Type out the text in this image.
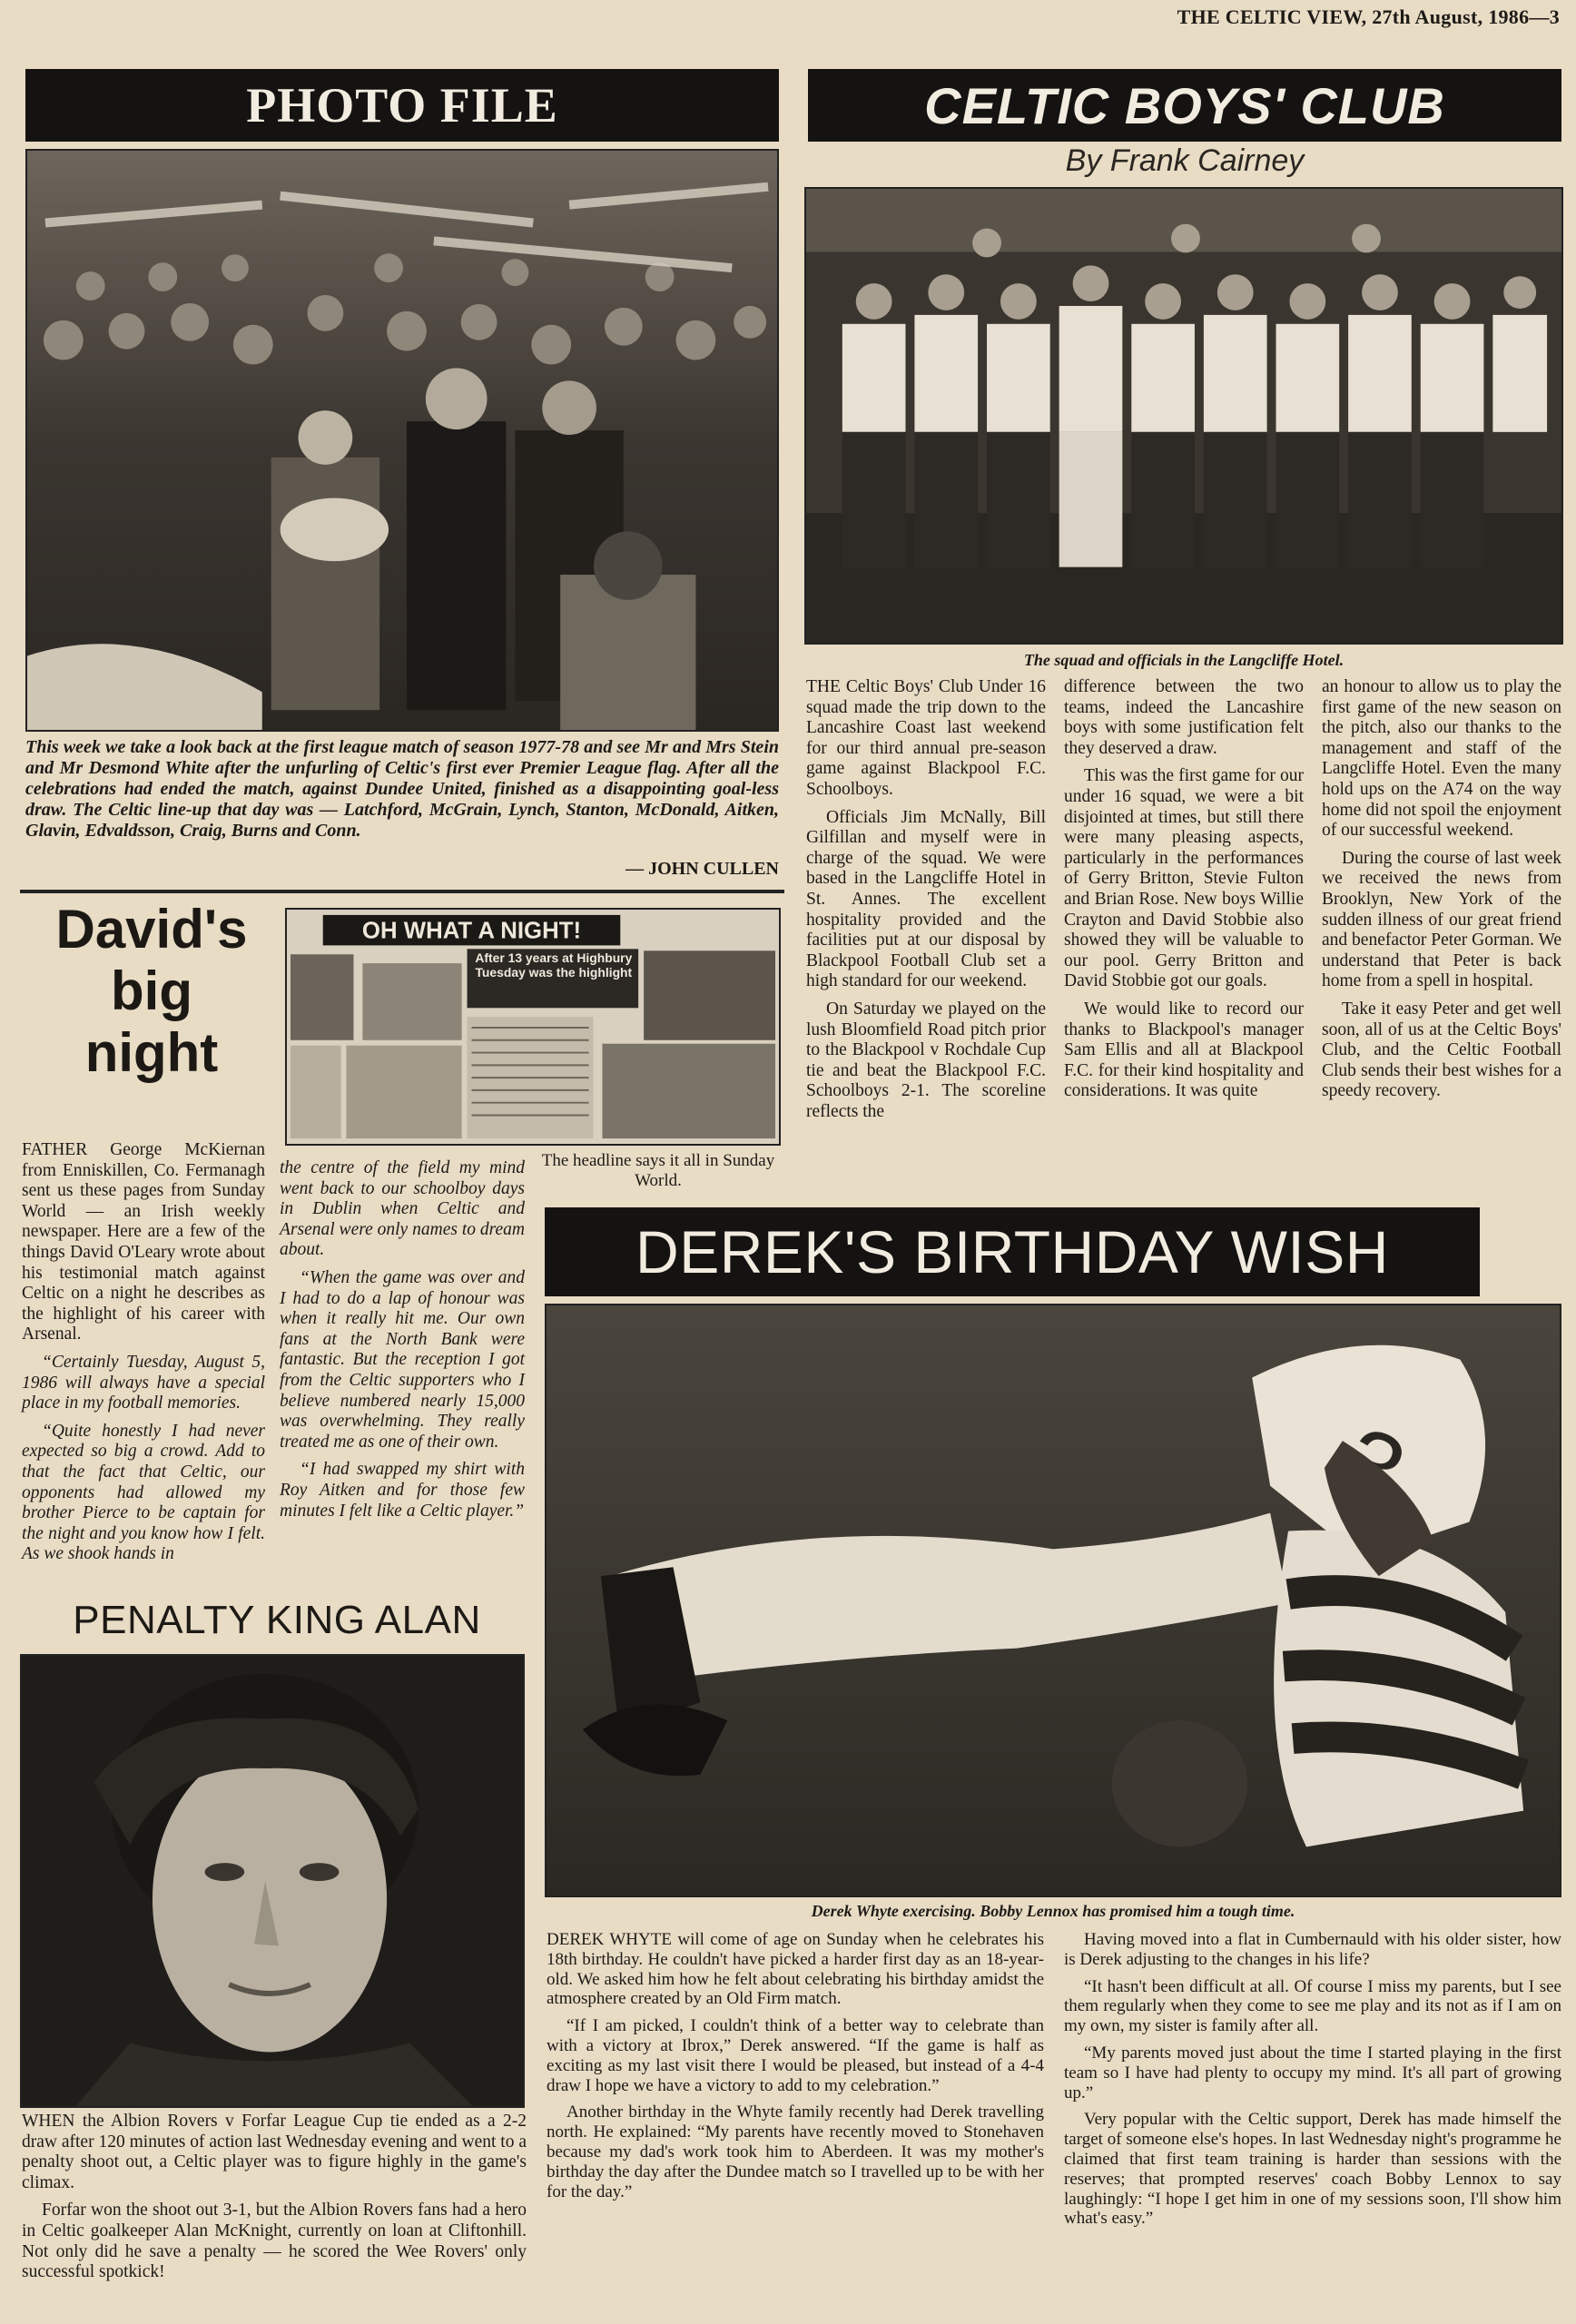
THE CELTIC VIEW, 27th August, 1986—3
PHOTO FILE
This week we take a look back at the first league match of season 1977-78 and see Mr and Mrs Stein and Mr Desmond White after the unfurling of Celtic's first ever Premier League flag. After all the celebrations had ended the match, against Dundee United, finished as a disappointing goal-less draw. The Celtic line-up that day was — Latchford, McGrain, Lynch, Stanton, McDonald, Aitken, Glavin, Edvaldsson, Craig, Burns and Conn.
— JOHN CULLEN
CELTIC BOYS' CLUB
By Frank Cairney
The squad and officials in the Langcliffe Hotel.

THE Celtic Boys' Club Under 16 squad made the trip down to the Lancashire Coast last weekend for our third annual pre-season game against Blackpool F.C. Schoolboys.

Officials Jim McNally, Bill Gilfillan and myself were in charge of the squad. We were based in the Langcliffe Hotel in St. Annes. The excellent hospitality provided and the facilities put at our disposal by Blackpool Football Club set a high standard for our weekend.

On Saturday we played on the lush Bloomfield Road pitch prior to the Blackpool v Rochdale Cup tie and beat the Blackpool F.C. Schoolboys 2-1. The scoreline reflects the

difference between the two teams, indeed the Lancashire boys with some justification felt they deserved a draw.

This was the first game for our under 16 squad, we were a bit disjointed at times, but still there were many pleasing aspects, particularly in the performances of Gerry Britton, Stevie Fulton and Brian Rose. New boys Willie Crayton and David Stobbie also showed they will be valuable to our pool. Gerry Britton and David Stobbie got our goals.

We would like to record our thanks to Blackpool's manager Sam Ellis and all at Blackpool F.C. for their kind hospitality and considerations. It was quite

an honour to allow us to play the first game of the new season on the pitch, also our thanks to the management and staff of the Langcliffe Hotel. Even the many hold ups on the A74 on the way home did not spoil the enjoyment of our successful weekend.

During the course of last week we received the news from Brooklyn, New York of the sudden illness of our great friend and benefactor Peter Gorman. We understand that Peter is back home from a spell in hospital.

Take it easy Peter and get well soon, all of us at the Celtic Boys' Club, and the Celtic Football Club sends their best wishes for a speedy recovery.

David's
big
night
OH WHAT A NIGHT!
After 13 years at Highbury Tuesday was the highlight
The headline says it all in Sunday World.

FATHER George McKiernan from Enniskillen, Co. Fermanagh sent us these pages from Sunday World — an Irish weekly newspaper. Here are a few of the things David O'Leary wrote about his testimonial match against Celtic on a night he describes as the highlight of his career with Arsenal.

“Certainly Tuesday, August 5, 1986 will always have a special place in my football memories.

“Quite honestly I had never expected so big a crowd. Add to that the fact that Celtic, our opponents had allowed my brother Pierce to be captain for the night and you know how I felt. As we shook hands in

the centre of the field my mind went back to our schoolboy days in Dublin when Celtic and Arsenal were only names to dream about.

“When the game was over and I had to do a lap of honour was when it really hit me. Our own fans at the North Bank were fantastic. But the reception I got from the Celtic supporters who I believe numbered nearly 15,000 was overwhelming. They really treated me as one of their own.

“I had swapped my shirt with Roy Aitken and for those few minutes I felt like a Celtic player.”

PENALTY KING ALAN

WHEN the Albion Rovers v Forfar League Cup tie ended as a 2-2 draw after 120 minutes of action last Wednesday evening and went to a penalty shoot out, a Celtic player was to figure highly in the game's climax.

Forfar won the shoot out 3-1, but the Albion Rovers fans had a hero in Celtic goalkeeper Alan McKnight, currently on loan at Cliftonhill. Not only did he save a penalty — he scored the Wee Rovers' only successful spotkick!

DEREK'S BIRTHDAY WISH
Derek Whyte exercising. Bobby Lennox has promised him a tough time.

DEREK WHYTE will come of age on Sunday when he celebrates his 18th birthday. He couldn't have picked a harder first day as an 18-year-old. We asked him how he felt about celebrating his birthday amidst the atmosphere created by an Old Firm match.

“If I am picked, I couldn't think of a better way to celebrate than with a victory at Ibrox,” Derek answered. “If the game is half as exciting as my last visit there I would be pleased, but instead of a 4-4 draw I hope we have a victory to add to my celebration.”

Another birthday in the Whyte family recently had Derek travelling north. He explained: “My parents have recently moved to Stonehaven because my dad's work took him to Aberdeen. It was my mother's birthday the day after the Dundee match so I travelled up to be with her for the day.”

Having moved into a flat in Cumbernauld with his older sister, how is Derek adjusting to the changes in his life?

“It hasn't been difficult at all. Of course I miss my parents, but I see them regularly when they come to see me play and its not as if I am on my own, my sister is family after all.

“My parents moved just about the time I started playing in the first team so I have had plenty to occupy my mind. It's all part of growing up.”

Very popular with the Celtic support, Derek has made himself the target of someone else's hopes. In last Wednesday night's programme he claimed that first team training is harder than sessions with the reserves; that prompted reserves' coach Bobby Lennox to say laughingly: “I hope I get him in one of my sessions soon, I'll show him what's easy.”
